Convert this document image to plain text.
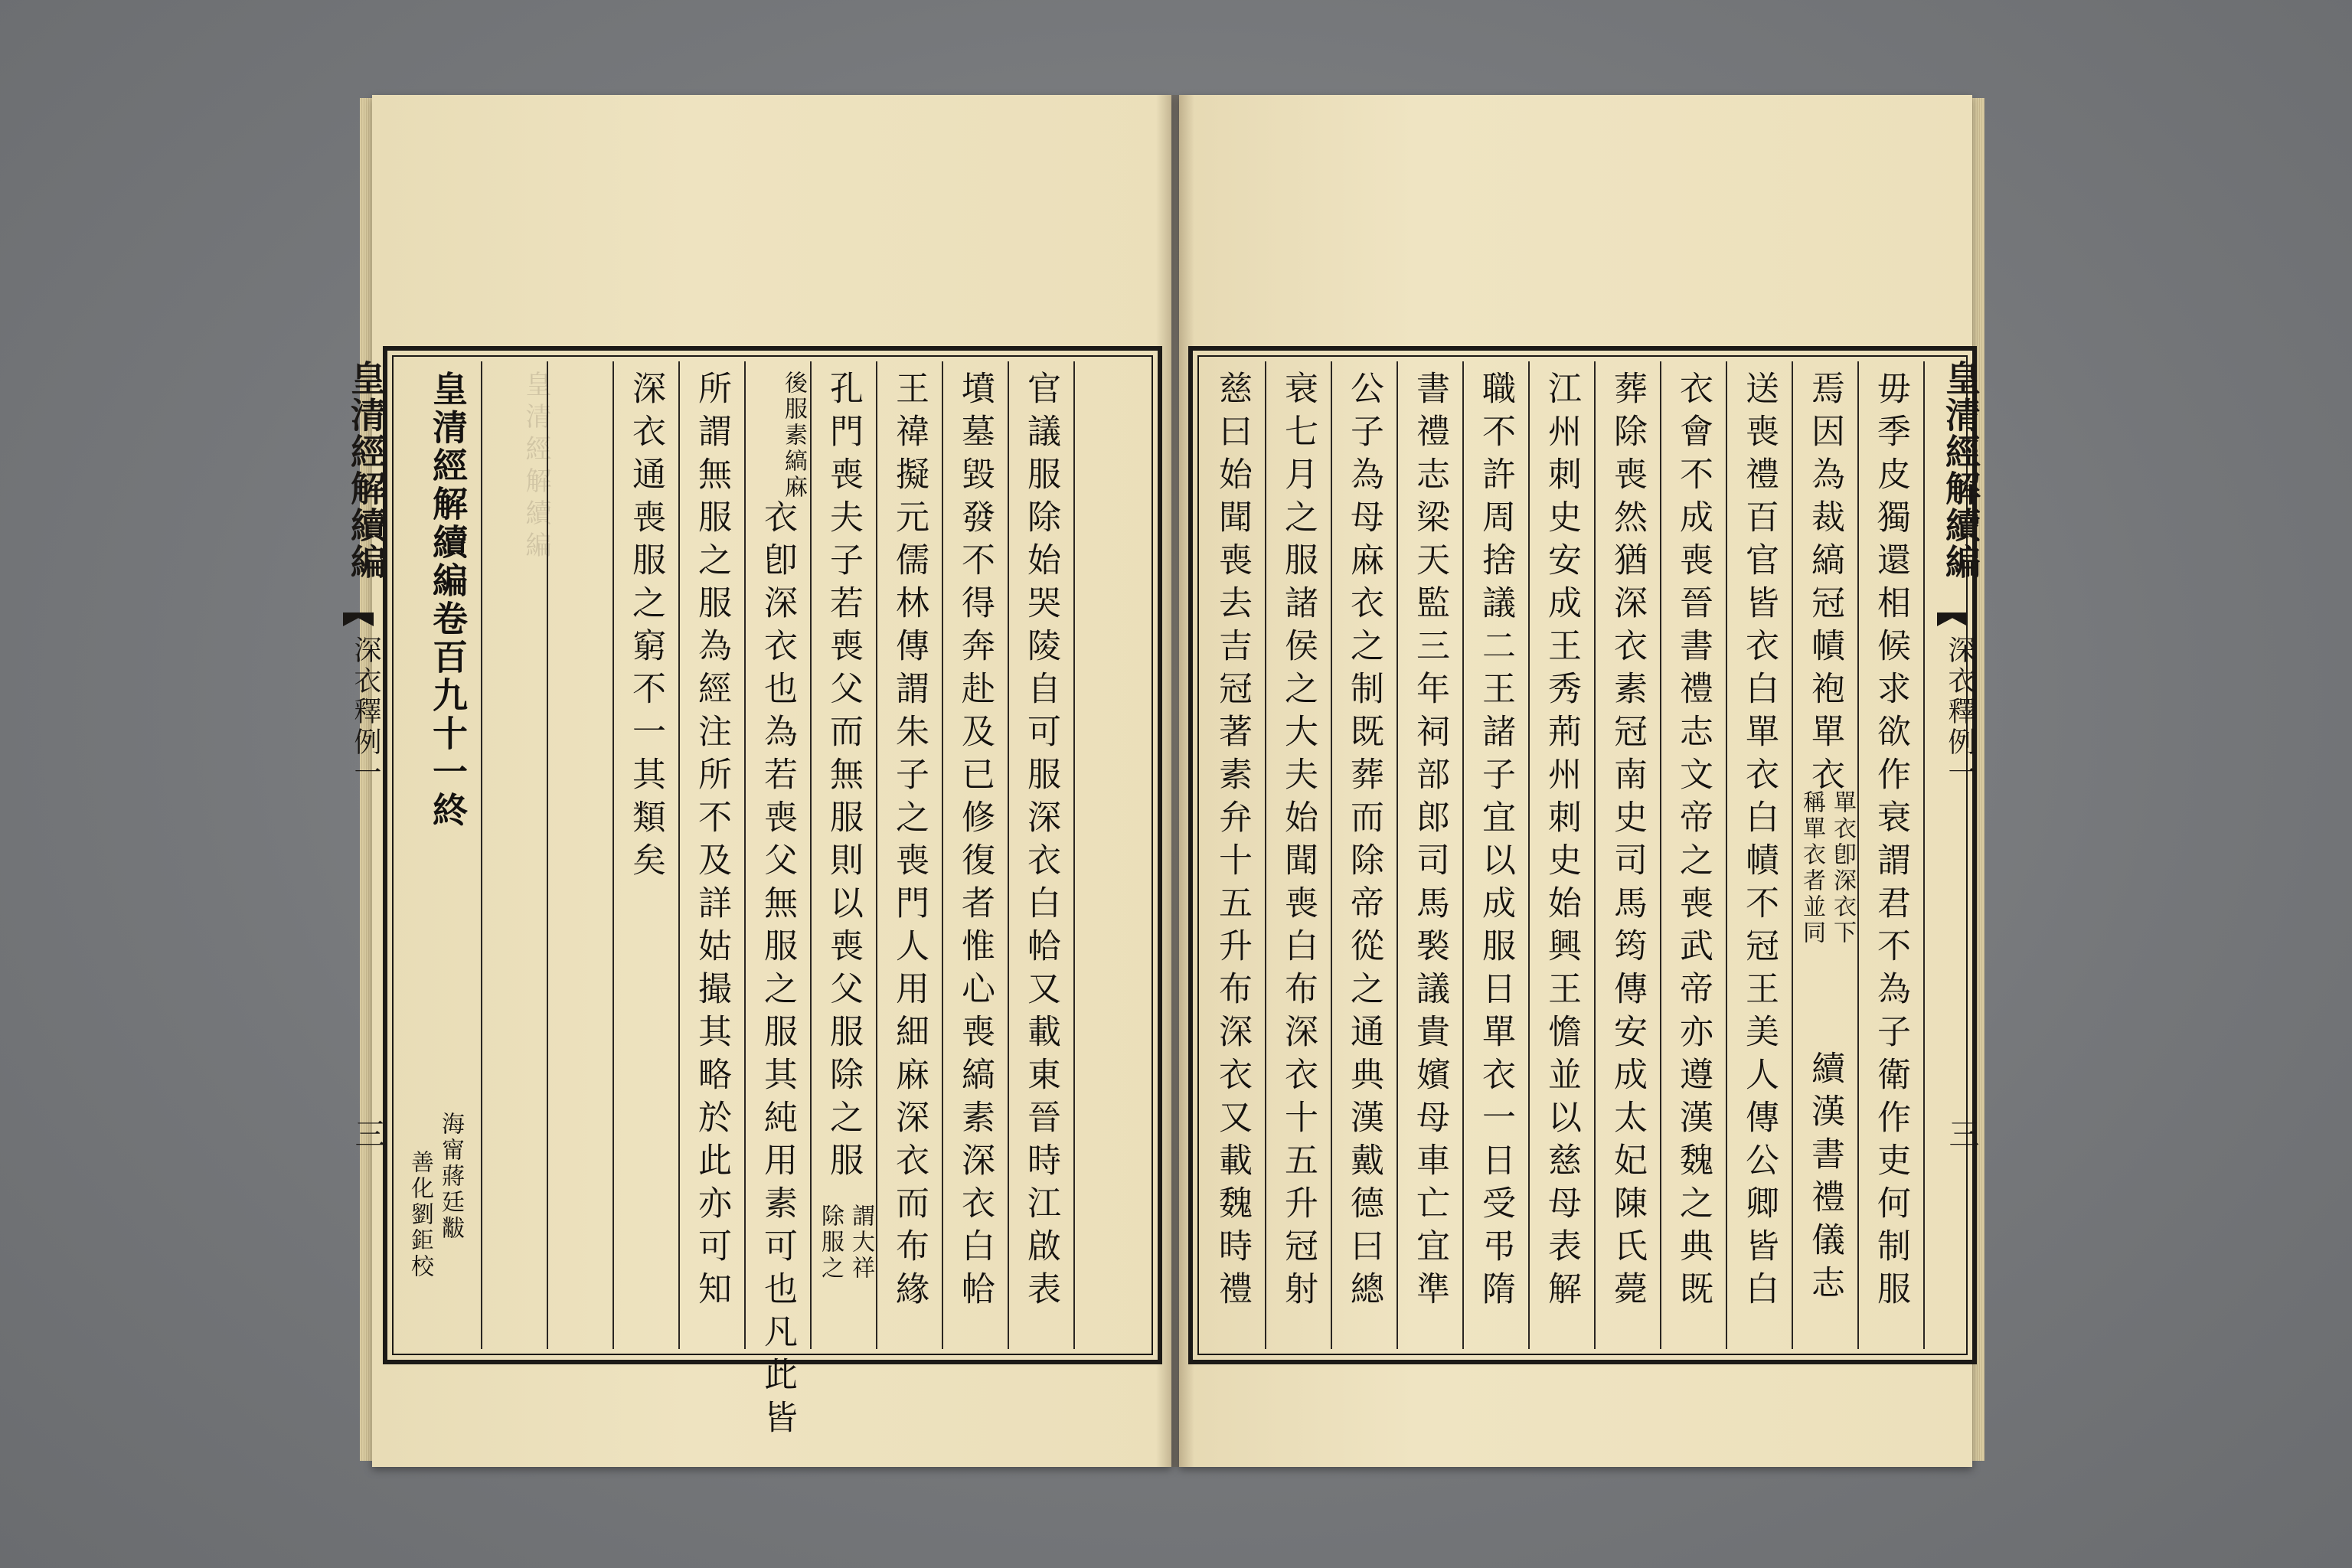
皇清經解續編
皇清經解續編卷百九十一終
海甯蔣廷黻
善化劉鉅校
深衣通喪服之窮不一其類矣 所謂無服之服為經注所不及詳姑撮其略於此亦可知	後服素縞麻
衣卽深衣也為若喪父無服之服其純用素可也凡此皆 孔門喪夫子若喪父而無服則以喪父服除之服
謂大祥
除服之	王禕擬元儒林傳謂朱子之喪門人用細麻深衣而布緣 墳墓毀發不得奔赴及已修復者惟心喪縞素深衣白帢 官議服除始哭陵自可服深衣白帢又載東晉時江啟表
皇清經解續編
深衣釋例一
三	慈曰始聞喪去吉冠著素弁十五升布深衣又載魏時禮 衰七月之服諸侯之大夫始聞喪白布深衣十五升冠射 公子為母麻衣之制既葬而除帝從之通典漢戴德曰總 書禮志梁天監三年祠部郎司馬褧議貴嬪母車亡宜準 職不許周捨議二王諸子宜以成服日單衣一日受弔隋 江州刺史安成王秀荊州刺史始興王憺並以慈母表解 葬除喪然猶深衣素冠南史司馬筠傳安成太妃陳氏薨 衣會不成喪晉書禮志文帝之喪武帝亦遵漢魏之典既 送喪禮百官皆衣白單衣白幘不冠王美人傳公卿皆白 焉因為裁縞冠幘袍單衣
單衣卽深衣下
稱單衣者並同
續漢書禮儀志 毋季皮獨還相候求欲作衰謂君不為子衛作吏何制服 皇清經解續編
深衣釋例一
三
